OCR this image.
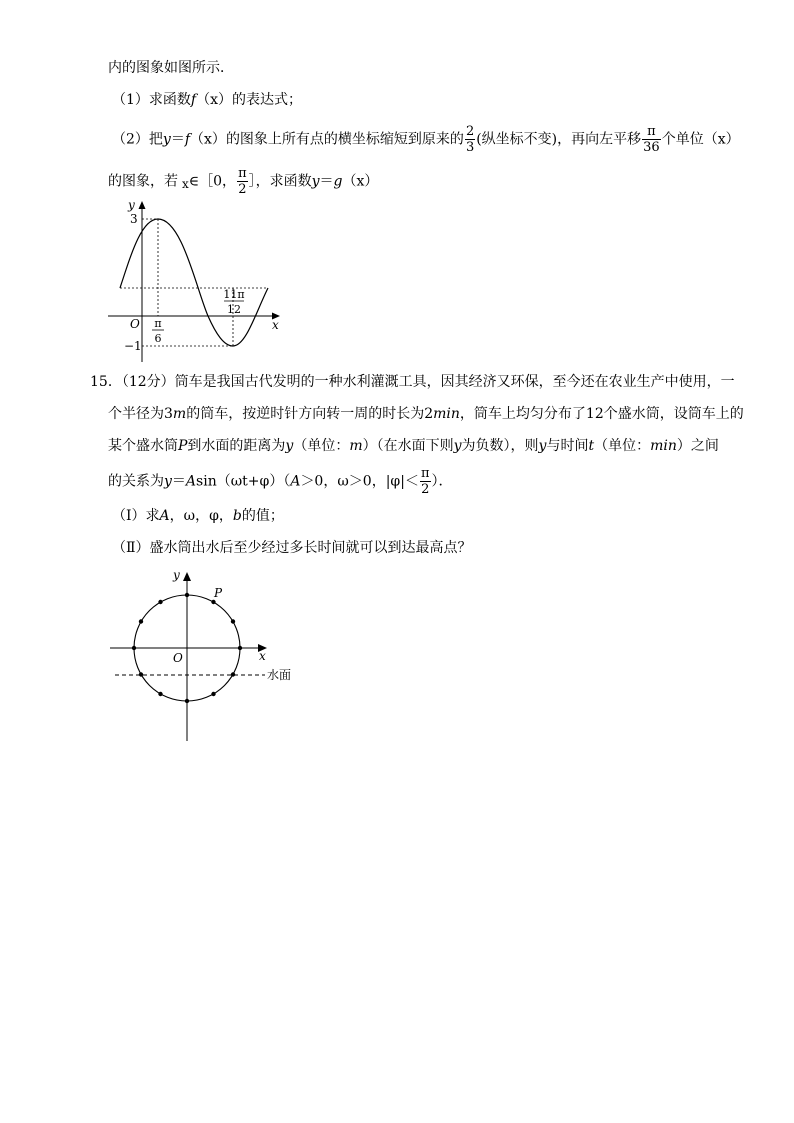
内的图象如图所示．
（1）求函数f（x）的表达式；
（2）把y＝f（x）的图象上所有点的横坐标缩短到原来的 $\frac{2}{3}$ (纵坐标不变)，再向左平移 $\frac{\pi}{36}$ 个单位（x）
的图象，若 x∈［0， $\frac{\pi}{2}$ ］，求函数y＝g（x）
y
x
O
3
−1
π
6
11π
12
15．（12分）筒车是我国古代发明的一种水利灌溉工具，因其经济又环保，至今还在农业生产中使用，一
个半径为3m的筒车，按逆时针方向转一周的时长为2min，筒车上均匀分布了12个盛水筒，设筒车上的
某个盛水筒P到水面的距离为y（单位：m）（在水面下则y为负数），则y与时间t（单位：min）之间
的关系为y＝Asin（ωt+φ）（A＞0，ω＞0，$|\varphi|< \frac{\pi}{2}$ ）．
（Ⅰ）求A，ω，φ，b的值；
（Ⅱ）盛水筒出水后至少经过多长时间就可以到达最高点？
y
x
O
P
水面
